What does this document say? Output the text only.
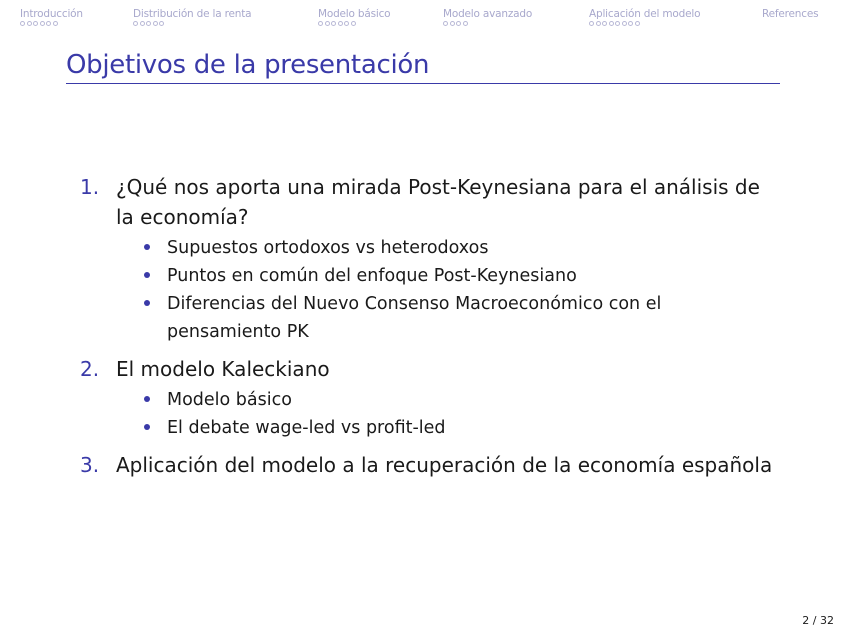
Introducción	Distribución de la renta	Modelo básico	Modelo avanzado	Aplicación del modelo	References
Objetivos de la presentación
1. ¿Qué nos aporta una mirada Post-Keynesiana para el análisis de la economía?
Supuestos ortodoxos vs heterodoxos
Puntos en común del enfoque Post-Keynesiano
Diferencias del Nuevo Consenso Macroeconómico con el pensamiento PK
2. El modelo Kaleckiano
Modelo básico
El debate wage-led vs profit-led
3. Aplicación del modelo a la recuperación de la economía española
2 / 32
